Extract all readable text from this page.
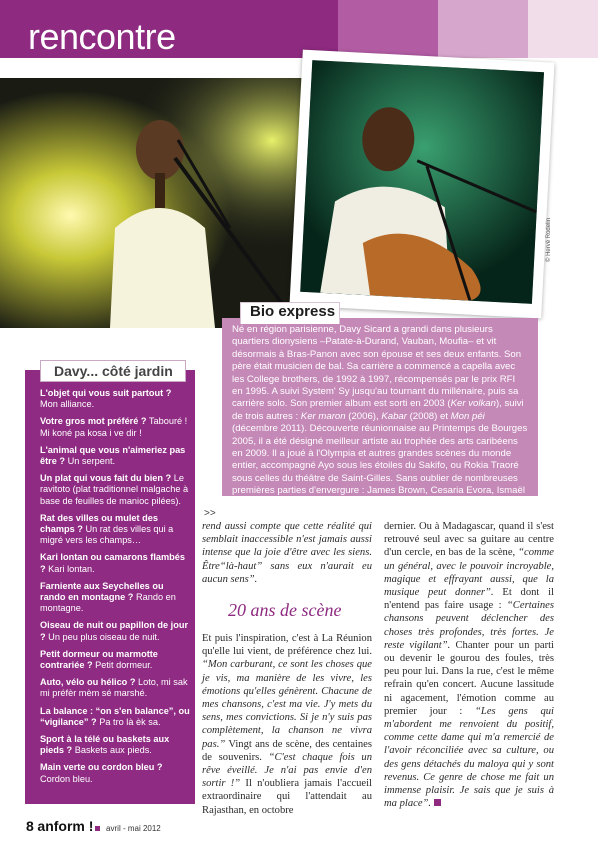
rencontre
© Hervé Rodelin
Né en région parisienne, Davy Sicard a grandi dans plusieurs quartiers dionysiens –Patate-à-Durand, Vauban, Moufia– et vit désormais à Bras-Panon avec son épouse et ses deux enfants. Son père était musicien de bal. Sa carrière a commencé a capella avec les College brothers, de 1992 à 1997, récompensés par le prix RFI en 1995. A suivi System' Sy jusqu'au tournant du millénaire, puis sa carrière solo. Son premier album est sorti en 2003 (Ker volkan), suivi de trois autres : Ker maron (2006), Kabar (2008) et Mon péi (décembre 2011). Découverte réunionnaise au Printemps de Bourges 2005, il a été désigné meilleur artiste au trophée des arts caribéens en 2009. Il a joué à l'Olympia et autres grandes scènes du monde entier, accompagné Ayo sous les étoiles du Sakifo, ou Rokia Traoré sous celles du théâtre de Saint-Gilles. Sans oublier de nombreuses premières parties d'envergure : James Brown, Cesaria Evora, Ismaël Lo, Tété…
Bio express
Davy... côté jardin
L'objet qui vous suit partout ? Mon alliance.
Votre gros mot préféré ? Tabouré ! Mi koné pa kosa i ve dir !
L'animal que vous n'aimeriez pas être ? Un serpent.
Un plat qui vous fait du bien ? Le ravitoto (plat traditionnel malgache à base de feuilles de manioc pilées).
Rat des villes ou mulet des champs ? Un rat des villes qui a migré vers les champs…
Kari lontan ou camarons flambés ? Kari lontan.
Farniente aux Seychelles ou rando en montagne ? Rando en montagne.
Oiseau de nuit ou papillon de jour ? Un peu plus oiseau de nuit.
Petit dormeur ou marmotte contrariée ? Petit dormeur.
Auto, vélo ou hélico ? Loto, mi sak mi préfèr mèm sé marshé.
La balance : “on s'en balance”, ou “vigilance” ? Pa tro là èk sa.
Sport à la télé ou baskets aux pieds ? Baskets aux pieds.
Main verte ou cordon bleu ? Cordon bleu.
>>
rend aussi compte que cette réalité qui semblait inaccessible n'est jamais aussi intense que la joie d'être avec les siens. Être“là-haut” sans eux n'aurait eu aucun sens”.
Et puis l'inspiration, c'est à La Réunion qu'elle lui vient, de préférence chez lui. “Mon carburant, ce sont les choses que je vis, ma manière de les vivre, les émotions qu'elles génèrent. Chacune de mes chansons, c'est ma vie. J'y mets du sens, mes convictions. Si je n'y suis pas complètement, la chanson ne vivra pas.” Vingt ans de scène, des centaines de souvenirs. “C'est chaque fois un rêve éveillé. Je n'ai pas envie d'en sortir !” Il n'oubliera jamais l'accueil extraordinaire qui l'attendait au Rajasthan, en octobre
20 ans de scène
dernier. Ou à Madagascar, quand il s'est retrouvé seul avec sa guitare au centre d'un cercle, en bas de la scène, “comme un général, avec le pouvoir incroyable, magique et effrayant aussi, que la musique peut donner”. Et dont il n'entend pas faire usage : “Certaines chansons peuvent déclencher des choses très profondes, très fortes. Je reste vigilant”. Chanter pour un parti ou devenir le gourou des foules, très peu pour lui. Dans la rue, c'est le même refrain qu'en concert. Aucune lassitude ni agacement, l'émotion comme au premier jour : “Les gens qui m'abordent me renvoient du positif, comme cette dame qui m'a remercié de l'avoir réconciliée avec sa culture, ou des gens détachés du maloya qui y sont revenus. Ce genre de chose me fait un immense plaisir. Je sais que je suis à ma place”.
8 anform ! avril - mai 2012
